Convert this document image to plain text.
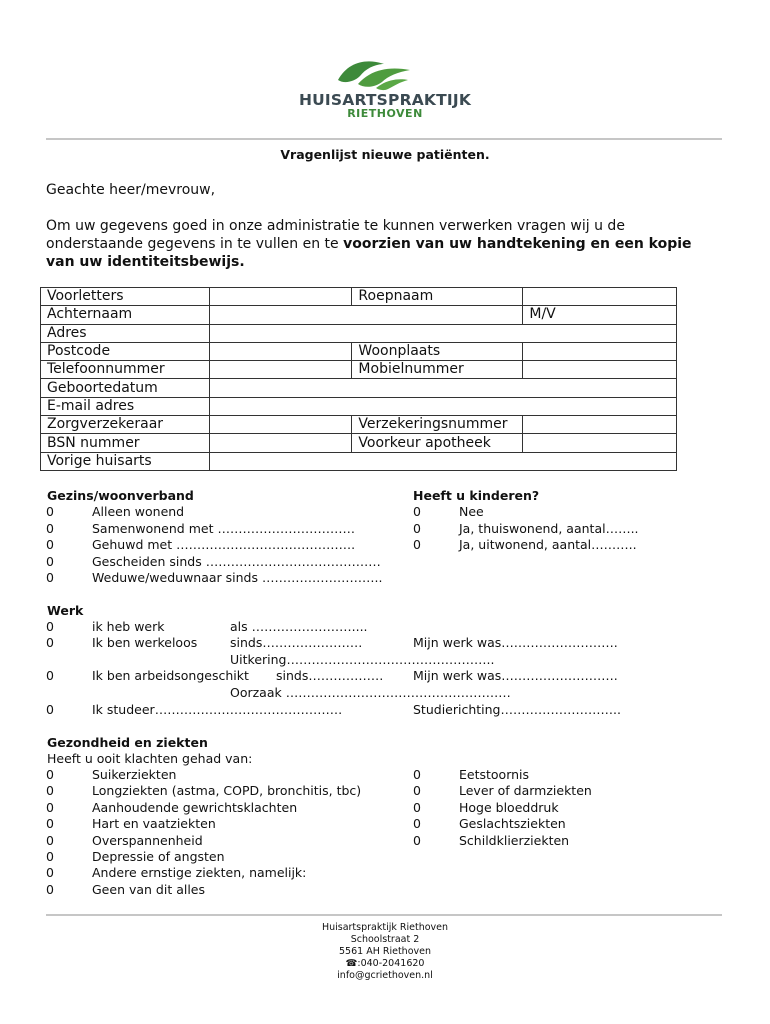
HUISARTSPRAKTIJK
RIETHOVEN
Vragenlijst nieuwe patiënten.
Geachte heer/mevrouw,
Om uw gegevens goed in onze administratie te kunnen verwerken vragen wij u de
onderstaande gegevens in te vullen en te voorzien van uw handtekening en een kopie
van uw identiteitsbewijs.
Voorletters		Roepnaam	
Achternaam			M/V
Adres			
Postcode		Woonplaats	
Telefoonnummer		Mobielnummer	
Geboortedatum			
E-mail adres			
Zorgverzekeraar		Verzekeringsnummer	
BSN nummer		Voorkeur apotheek	
Vorige huisarts			
Gezins/woonverband
0	Alleen wonend
0	Samenwonend met ……………………………
0	Gehuwd met …………………………………….
0	Gescheiden sinds ……………………………………
0	Weduwe/weduwnaar sinds ………………………..
Heeft u kinderen?
0	Nee
0	Ja, thuiswonend, aantal……..
0	Ja, uitwonend, aantal………..
Werk
0	ik heb werk	als ……………………....
0	Ik ben werkeloos	sinds……………………	Mijn werk was……………………….
Uitkering…………………………………………..
0	Ik ben arbeidsongeschikt sinds……………… Mijn werk was……………………….
Oorzaak ………………………………………………
0	Ik studeer………………………………………	Studierichting………………………..
Gezondheid en ziekten
Heeft u ooit klachten gehad van:
0	Suikerziekten
0	Longziekten (astma, COPD, bronchitis, tbc)
0	Aanhoudende gewrichtsklachten
0	Hart en vaatziekten
0	Overspannenheid
0	Depressie of angsten
0	Andere ernstige ziekten, namelijk:
0	Geen van dit alles
0	Eetstoornis
0	Lever of darmziekten
0	Hoge bloeddruk
0	Geslachtsziekten
0	Schildklierziekten
Huisartspraktijk Riethoven
Schoolstraat 2
5561 AH Riethoven
☎:040-2041620
info@gcriethoven.nl
